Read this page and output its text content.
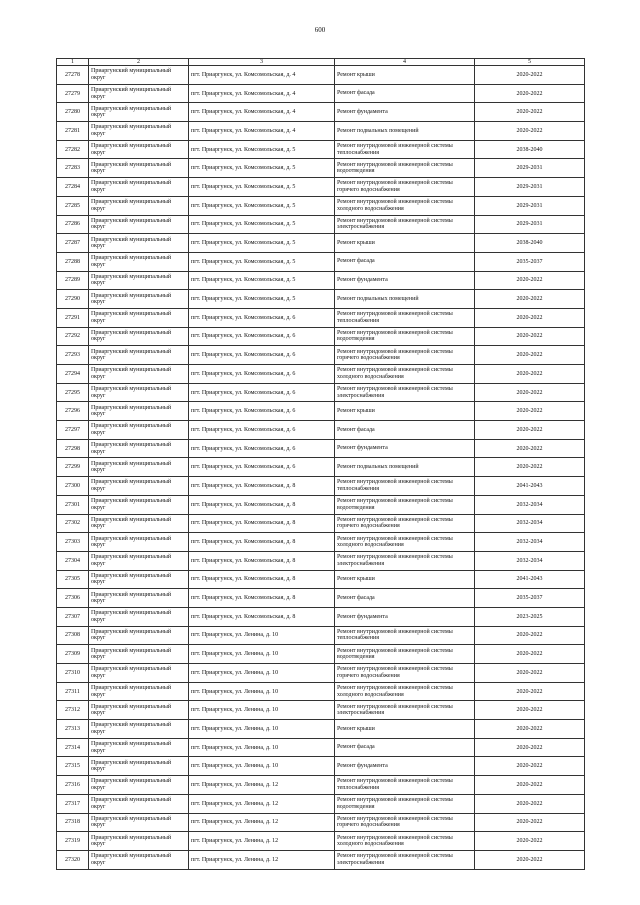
600
1	2	3	4	5
27278	Приаргунский муниципальный округ	пгт. Приаргунск, ул. Комсомольская, д. 4	Ремонт крыши	2020-2022
27279	Приаргунский муниципальный округ	пгт. Приаргунск, ул. Комсомольская, д. 4	Ремонт фасада	2020-2022
27280	Приаргунский муниципальный округ	пгт. Приаргунск, ул. Комсомольская, д. 4	Ремонт фундамента	2020-2022
27281	Приаргунский муниципальный округ	пгт. Приаргунск, ул. Комсомольская, д. 4	Ремонт подвальных помещений	2020-2022
27282	Приаргунский муниципальный округ	пгт. Приаргунск, ул. Комсомольская, д. 5	Ремонт внутридомовой инженерной системы теплоснабжения	2038-2040
27283	Приаргунский муниципальный округ	пгт. Приаргунск, ул. Комсомольская, д. 5	Ремонт внутридомовой инженерной системы водоотведения	2029-2031
27284	Приаргунский муниципальный округ	пгт. Приаргунск, ул. Комсомольская, д. 5	Ремонт внутридомовой инженерной системы горячего водоснабжения	2029-2031
27285	Приаргунский муниципальный округ	пгт. Приаргунск, ул. Комсомольская, д. 5	Ремонт внутридомовой инженерной системы холодного водоснабжения	2029-2031
27286	Приаргунский муниципальный округ	пгт. Приаргунск, ул. Комсомольская, д. 5	Ремонт внутридомовой инженерной системы электроснабжения	2029-2031
27287	Приаргунский муниципальный округ	пгт. Приаргунск, ул. Комсомольская, д. 5	Ремонт крыши	2038-2040
27288	Приаргунский муниципальный округ	пгт. Приаргунск, ул. Комсомольская, д. 5	Ремонт фасада	2035-2037
27289	Приаргунский муниципальный округ	пгт. Приаргунск, ул. Комсомольская, д. 5	Ремонт фундамента	2020-2022
27290	Приаргунский муниципальный округ	пгт. Приаргунск, ул. Комсомольская, д. 5	Ремонт подвальных помещений	2020-2022
27291	Приаргунский муниципальный округ	пгт. Приаргунск, ул. Комсомольская, д. 6	Ремонт внутридомовой инженерной системы теплоснабжения	2020-2022
27292	Приаргунский муниципальный округ	пгт. Приаргунск, ул. Комсомольская, д. 6	Ремонт внутридомовой инженерной системы водоотведения	2020-2022
27293	Приаргунский муниципальный округ	пгт. Приаргунск, ул. Комсомольская, д. 6	Ремонт внутридомовой инженерной системы горячего водоснабжения	2020-2022
27294	Приаргунский муниципальный округ	пгт. Приаргунск, ул. Комсомольская, д. 6	Ремонт внутридомовой инженерной системы холодного водоснабжения	2020-2022
27295	Приаргунский муниципальный округ	пгт. Приаргунск, ул. Комсомольская, д. 6	Ремонт внутридомовой инженерной системы электроснабжения	2020-2022
27296	Приаргунский муниципальный округ	пгт. Приаргунск, ул. Комсомольская, д. 6	Ремонт крыши	2020-2022
27297	Приаргунский муниципальный округ	пгт. Приаргунск, ул. Комсомольская, д. 6	Ремонт фасада	2020-2022
27298	Приаргунский муниципальный округ	пгт. Приаргунск, ул. Комсомольская, д. 6	Ремонт фундамента	2020-2022
27299	Приаргунский муниципальный округ	пгт. Приаргунск, ул. Комсомольская, д. 6	Ремонт подвальных помещений	2020-2022
27300	Приаргунский муниципальный округ	пгт. Приаргунск, ул. Комсомольская, д. 8	Ремонт внутридомовой инженерной системы теплоснабжения	2041-2043
27301	Приаргунский муниципальный округ	пгт. Приаргунск, ул. Комсомольская, д. 8	Ремонт внутридомовой инженерной системы водоотведения	2032-2034
27302	Приаргунский муниципальный округ	пгт. Приаргунск, ул. Комсомольская, д. 8	Ремонт внутридомовой инженерной системы горячего водоснабжения	2032-2034
27303	Приаргунский муниципальный округ	пгт. Приаргунск, ул. Комсомольская, д. 8	Ремонт внутридомовой инженерной системы холодного водоснабжения	2032-2034
27304	Приаргунский муниципальный округ	пгт. Приаргунск, ул. Комсомольская, д. 8	Ремонт внутридомовой инженерной системы электроснабжения	2032-2034
27305	Приаргунский муниципальный округ	пгт. Приаргунск, ул. Комсомольская, д. 8	Ремонт крыши	2041-2043
27306	Приаргунский муниципальный округ	пгт. Приаргунск, ул. Комсомольская, д. 8	Ремонт фасада	2035-2037
27307	Приаргунский муниципальный округ	пгт. Приаргунск, ул. Комсомольская, д. 8	Ремонт фундамента	2023-2025
27308	Приаргунский муниципальный округ	пгт. Приаргунск, ул. Ленина, д. 10	Ремонт внутридомовой инженерной системы теплоснабжения	2020-2022
27309	Приаргунский муниципальный округ	пгт. Приаргунск, ул. Ленина, д. 10	Ремонт внутридомовой инженерной системы водоотведения	2020-2022
27310	Приаргунский муниципальный округ	пгт. Приаргунск, ул. Ленина, д. 10	Ремонт внутридомовой инженерной системы горячего водоснабжения	2020-2022
27311	Приаргунский муниципальный округ	пгт. Приаргунск, ул. Ленина, д. 10	Ремонт внутридомовой инженерной системы холодного водоснабжения	2020-2022
27312	Приаргунский муниципальный округ	пгт. Приаргунск, ул. Ленина, д. 10	Ремонт внутридомовой инженерной системы электроснабжения	2020-2022
27313	Приаргунский муниципальный округ	пгт. Приаргунск, ул. Ленина, д. 10	Ремонт крыши	2020-2022
27314	Приаргунский муниципальный округ	пгт. Приаргунск, ул. Ленина, д. 10	Ремонт фасада	2020-2022
27315	Приаргунский муниципальный округ	пгт. Приаргунск, ул. Ленина, д. 10	Ремонт фундамента	2020-2022
27316	Приаргунский муниципальный округ	пгт. Приаргунск, ул. Ленина, д. 12	Ремонт внутридомовой инженерной системы теплоснабжения	2020-2022
27317	Приаргунский муниципальный округ	пгт. Приаргунск, ул. Ленина, д. 12	Ремонт внутридомовой инженерной системы водоотведения	2020-2022
27318	Приаргунский муниципальный округ	пгт. Приаргунск, ул. Ленина, д. 12	Ремонт внутридомовой инженерной системы горячего водоснабжения	2020-2022
27319	Приаргунский муниципальный округ	пгт. Приаргунск, ул. Ленина, д. 12	Ремонт внутридомовой инженерной системы холодного водоснабжения	2020-2022
27320	Приаргунский муниципальный округ	пгт. Приаргунск, ул. Ленина, д. 12	Ремонт внутридомовой инженерной системы электроснабжения	2020-2022
